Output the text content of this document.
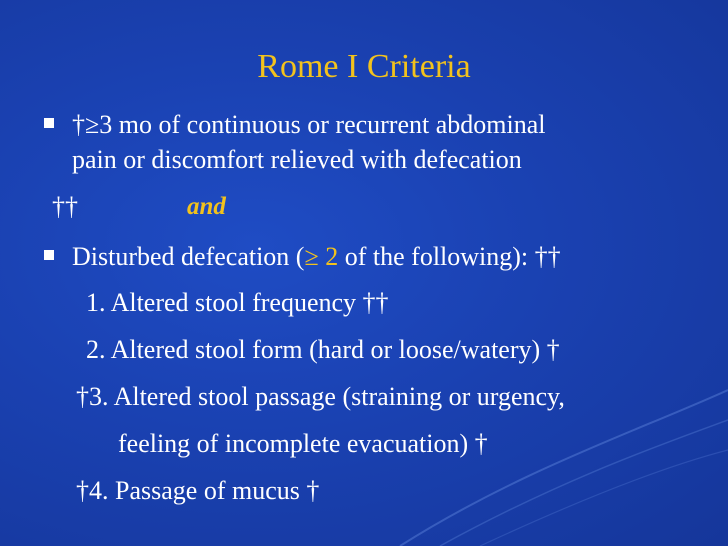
Rome I Criteria
†≥3 mo of continuous or recurrent abdominal
pain or discomfort relieved with defecation
††	and
Disturbed defecation (≥ 2 of the following): ††
1. Altered stool frequency ††
2. Altered stool form (hard or loose/watery) †
†3. Altered stool passage (straining or urgency,
feeling of incomplete evacuation) †
†4. Passage of mucus †
